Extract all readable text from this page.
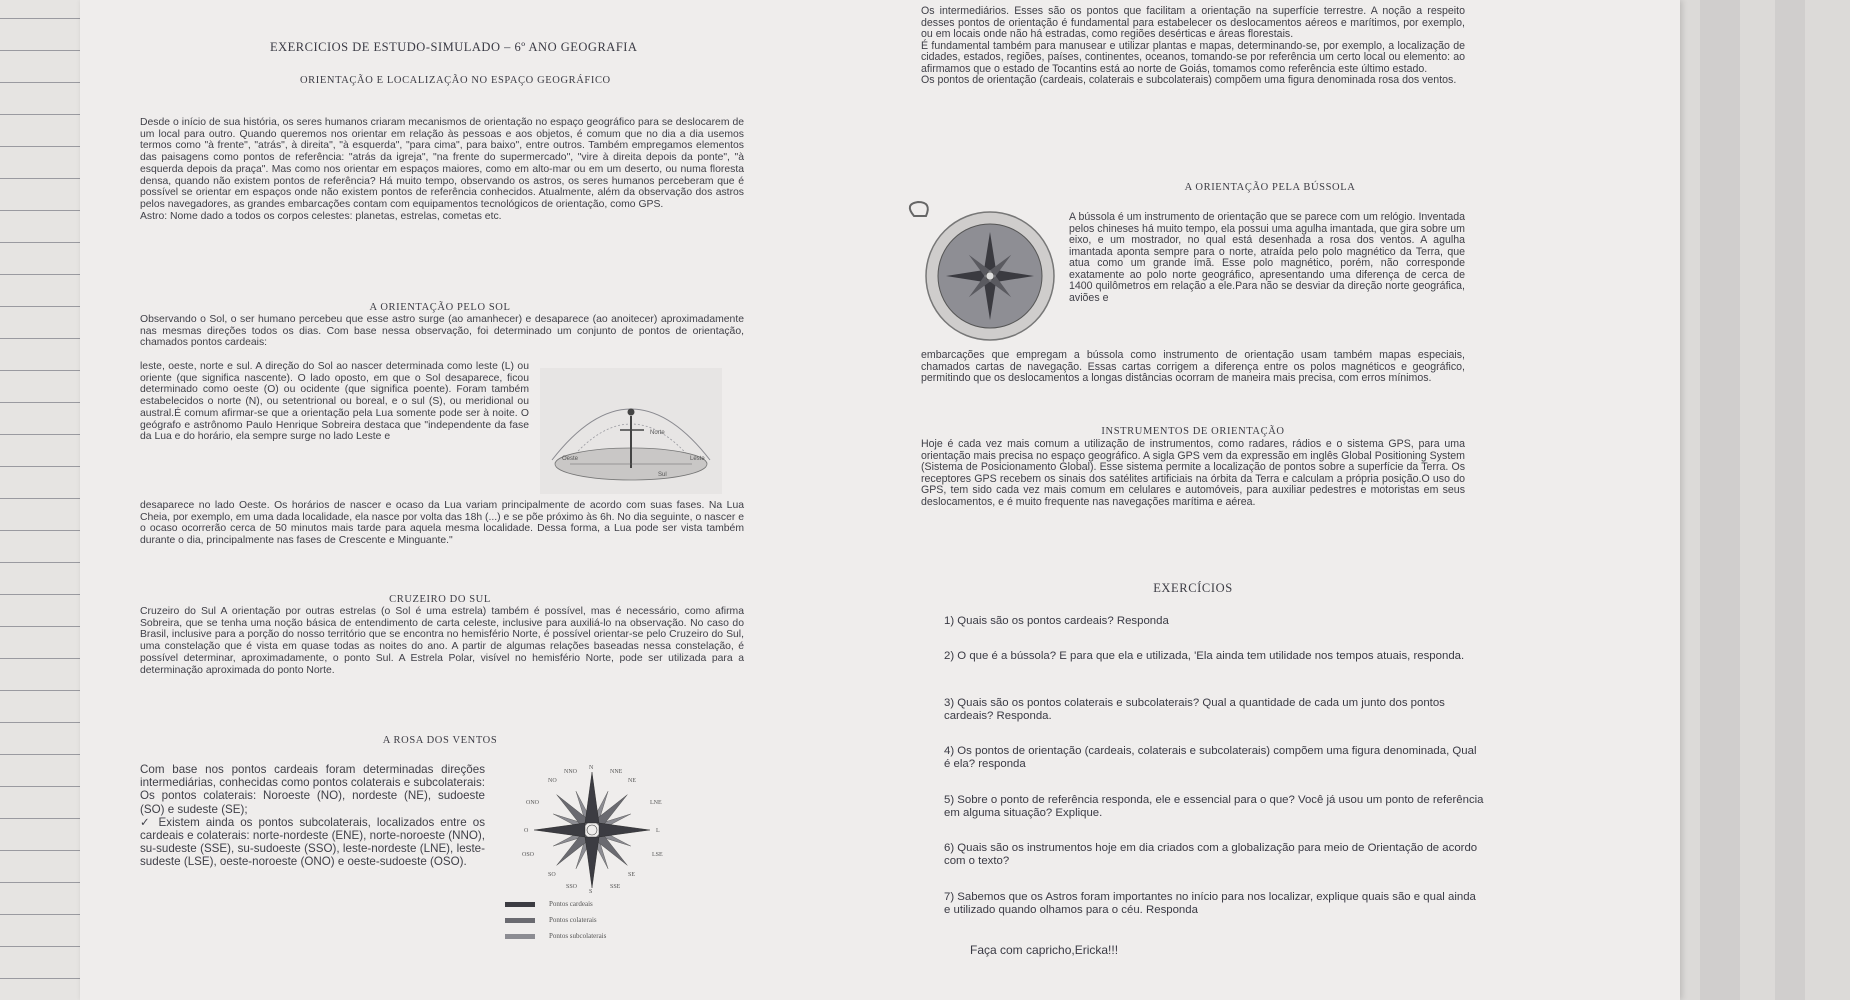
EXERCICIOS DE ESTUDO-SIMULADO – 6º ANO GEOGRAFIA
ORIENTAÇÃO E LOCALIZAÇÃO NO ESPAÇO GEOGRÁFICO

Desde o início de sua história, os seres humanos criaram mecanismos de orientação no espaço geográfico para se deslocarem de um local para outro. Quando queremos nos orientar em relação às pessoas e aos objetos, é comum que no dia a dia usemos termos como "à frente", "atrás", à direita", "à esquerda", "para cima", para baixo", entre outros. Também empregamos elementos das paisagens como pontos de referência: "atrás da igreja", "na frente do supermercado", "vire à direita depois da ponte", "à esquerda depois da praça". Mas como nos orientar em espaços maiores, como em alto-mar ou em um deserto, ou numa floresta densa, quando não existem pontos de referência? Há muito tempo, observando os astros, os seres humanos perceberam que é possível se orientar em espaços onde não existem pontos de referência conhecidos. Atualmente, além da observação dos astros pelos navegadores, as grandes embarcações contam com equipamentos tecnológicos de orientação, como GPS.

Astro: Nome dado a todos os corpos celestes: planetas, estrelas, cometas etc.

A ORIENTAÇÃO PELO SOL

Observando o Sol, o ser humano percebeu que esse astro surge (ao amanhecer) e desaparece (ao anoitecer) aproximadamente nas mesmas direções todos os dias. Com base nessa observação, foi determinado um conjunto de pontos de orientação, chamados pontos cardeais:

leste, oeste, norte e sul. A direção do Sol ao nascer determinada como leste (L) ou oriente (que significa nascente). O lado oposto, em que o Sol desaparece, ficou determinado como oeste (O) ou ocidente (que significa poente). Foram também estabelecidos o norte (N), ou setentrional ou boreal, e o sul (S), ou meridional ou austral.É comum afirmar-se que a orientação pela Lua somente pode ser à noite. O geógrafo e astrônomo Paulo Henrique Sobreira destaca que "independente da fase da Lua e do horário, ela sempre surge no lado Leste e

desaparece no lado Oeste. Os horários de nascer e ocaso da Lua variam principalmente de acordo com suas fases. Na Lua Cheia, por exemplo, em uma dada localidade, ela nasce por volta das 18h (...) e se põe próximo às 6h. No dia seguinte, o nascer e o ocaso ocorrerão cerca de 50 minutos mais tarde para aquela mesma localidade. Dessa forma, a Lua pode ser vista também durante o dia, principalmente nas fases de Crescente e Minguante."

Norte
Oeste	Leste
Sul
CRUZEIRO DO SUL

Cruzeiro do Sul A orientação por outras estrelas (o Sol é uma estrela) também é possível, mas é necessário, como afirma Sobreira, que se tenha uma noção básica de entendimento de carta celeste, inclusive para auxiliá-lo na observação. No caso do Brasil, inclusive para a porção do nosso território que se encontra no hemisfério Norte, é possível orientar-se pelo Cruzeiro do Sul, uma constelação que é vista em quase todas as noites do ano. A partir de algumas relações baseadas nessa constelação, é possível determinar, aproximadamente, o ponto Sul. A Estrela Polar, visível no hemisfério Norte, pode ser utilizada para a determinação aproximada do ponto Norte.

A ROSA DOS VENTOS

Com base nos pontos cardeais foram determinadas direções intermediárias, conhecidas como pontos colaterais e subcolaterais: Os pontos colaterais: Noroeste (NO), nordeste (NE), sudoeste (SO) e sudeste (SE);

✓ Existem ainda os pontos subcolaterais, localizados entre os cardeais e colaterais: norte-nordeste (ENE), norte-noroeste (NNO), su-sudeste (SSE), su-sudoeste (SSO), leste-nordeste (LNE), leste-sudeste (LSE), oeste-noroeste (ONO) e oeste-sudoeste (OSO).

N
NO	NE
NNE
NNO
ONO	LNE
O	L
OSO	LSE
SO	SE
SSO	SSE
S
Pontos cardeais
Pontos colaterais
Pontos subcolaterais

Os intermediários. Esses são os pontos que facilitam a orientação na superfície terrestre. A noção a respeito desses pontos de orientação é fundamental para estabelecer os deslocamentos aéreos e marítimos, por exemplo, ou em locais onde não há estradas, como regiões desérticas e áreas florestais.

É fundamental também para manusear e utilizar plantas e mapas, determinando-se, por exemplo, a localização de cidades, estados, regiões, países, continentes, oceanos, tomando-se por referência um certo local ou elemento: ao afirmamos que o estado de Tocantins está ao norte de Goiás, tomamos como referência este último estado.

Os pontos de orientação (cardeais, colaterais e subcolaterais) compõem uma figura denominada rosa dos ventos.

A ORIENTAÇÃO PELA BÚSSOLA

A bússola é um instrumento de orientação que se parece com um relógio. Inventada pelos chineses há muito tempo, ela possui uma agulha imantada, que gira sobre um eixo, e um mostrador, no qual está desenhada a rosa dos ventos. A agulha imantada aponta sempre para o norte, atraída pelo polo magnético da Terra, que atua como um grande ímã. Esse polo magnético, porém, não corresponde exatamente ao polo norte geográfico, apresentando uma diferença de cerca de 1400 quilômetros em relação a ele.Para não se desviar da direção norte geográfica, aviões e

embarcações que empregam a bússola como instrumento de orientação usam também mapas especiais, chamados cartas de navegação. Essas cartas corrigem a diferença entre os polos magnéticos e geográfico, permitindo que os deslocamentos a longas distâncias ocorram de maneira mais precisa, com erros mínimos.

INSTRUMENTOS DE ORIENTAÇÃO

Hoje é cada vez mais comum a utilização de instrumentos, como radares, rádios e o sistema GPS, para uma orientação mais precisa no espaço geográfico. A sigla GPS vem da expressão em inglês Global Positioning System (Sistema de Posicionamento Global). Esse sistema permite a localização de pontos sobre a superfície da Terra. Os receptores GPS recebem os sinais dos satélites artificiais na órbita da Terra e calculam a própria posição.O uso do GPS, tem sido cada vez mais comum em celulares e automóveis, para auxiliar pedestres e motoristas em seus deslocamentos, e é muito frequente nas navegações marítima e aérea.

EXERCÍCIOS
1) Quais são os pontos cardeais? Responda
2) O que é a bússola? E para que ela e utilizada, 'Ela ainda tem utilidade nos tempos atuais, responda.
3) Quais são os pontos colaterais e subcolaterais? Qual a quantidade de cada um junto dos pontos cardeais? Responda.
4) Os pontos de orientação (cardeais, colaterais e subcolaterais) compõem uma figura denominada, Qual é ela? responda
5) Sobre o ponto de referência responda, ele e essencial para o que? Você já usou um ponto de referência em alguma situação? Explique.
6) Quais são os instrumentos hoje em dia criados com a globalização para meio de Orientação de acordo com o texto?
7) Sabemos que os Astros foram importantes no início para nos localizar, explique quais são e qual ainda e utilizado quando olhamos para o céu. Responda
Faça com capricho,Ericka!!!
